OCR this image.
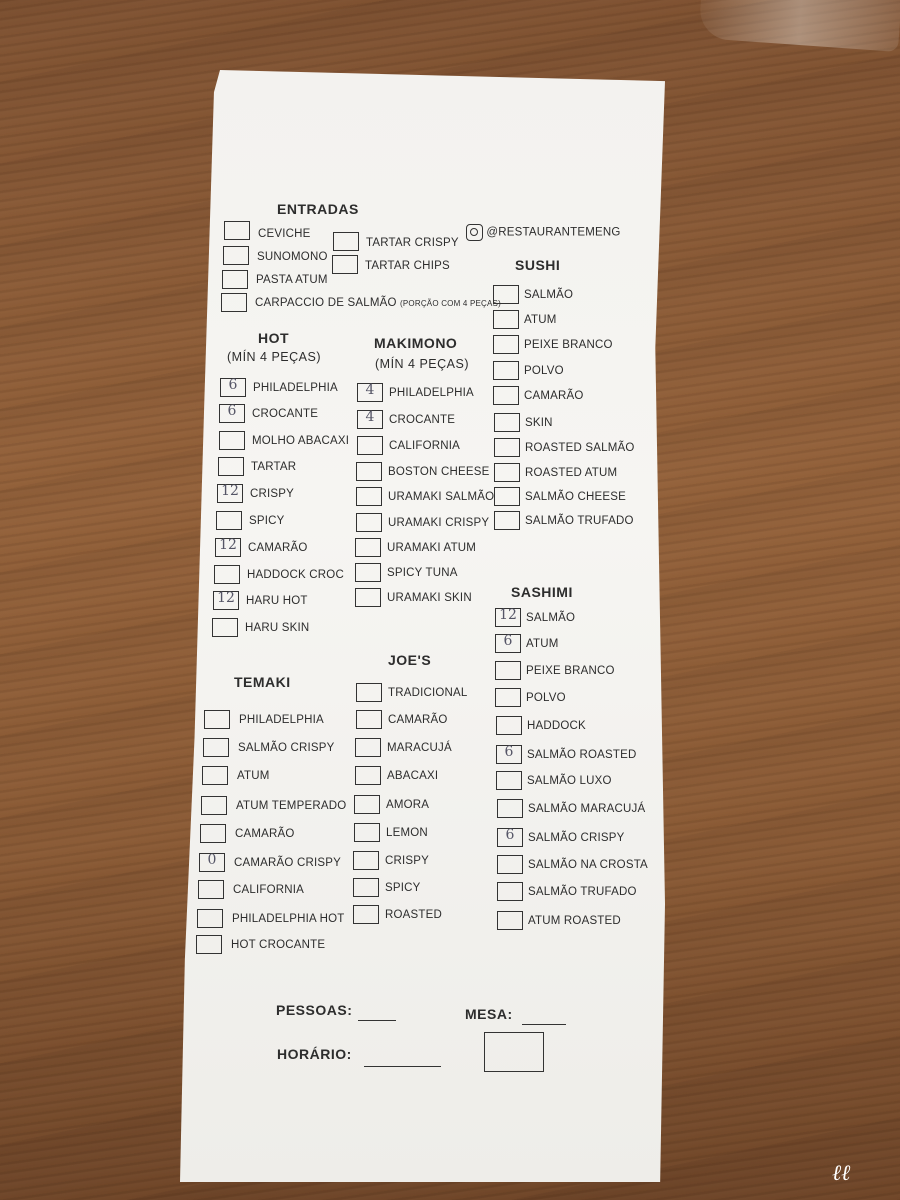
@RESTAURANTEMENG
ENTRADAS
CEVICHE
SUNOMONO
PASTA ATUM
TARTAR CRISPY
TARTAR CHIPS
CARPACCIO DE SALMÃO (PORÇÃO COM 4 PEÇAS)
HOT
(MÍN 4 PEÇAS)
6	PHILADELPHIA
6	CROCANTE
MOLHO ABACAXI
TARTAR
12 CRISPY
SPICY
12 CAMARÃO
HADDOCK CROC
12 HARU HOT
HARU SKIN
MAKIMONO
(MÍN 4 PEÇAS)
4	PHILADELPHIA
4	CROCANTE
CALIFORNIA
BOSTON CHEESE
URAMAKI SALMÃO
URAMAKI CRISPY
URAMAKI ATUM
SPICY TUNA
URAMAKI SKIN
SUSHI
SALMÃO
ATUM
PEIXE BRANCO
POLVO
CAMARÃO
SKIN
ROASTED SALMÃO
ROASTED ATUM
SALMÃO CHEESE
SALMÃO TRUFADO
SASHIMI
12 SALMÃO
6	ATUM
PEIXE BRANCO
POLVO
HADDOCK
6	SALMÃO ROASTED
SALMÃO LUXO
SALMÃO MARACUJÁ
6	SALMÃO CRISPY
SALMÃO NA CROSTA
SALMÃO TRUFADO
ATUM ROASTED
TEMAKI
PHILADELPHIA
SALMÃO CRISPY
ATUM
ATUM TEMPERADO
CAMARÃO
0	CAMARÃO CRISPY
CALIFORNIA
PHILADELPHIA HOT
HOT CROCANTE
JOE'S
TRADICIONAL
CAMARÃO
MARACUJÁ
ABACAXI
AMORA
LEMON
CRISPY
SPICY
ROASTED
PESSOAS:	MESA:
HORÁRIO:
ℓℓ
